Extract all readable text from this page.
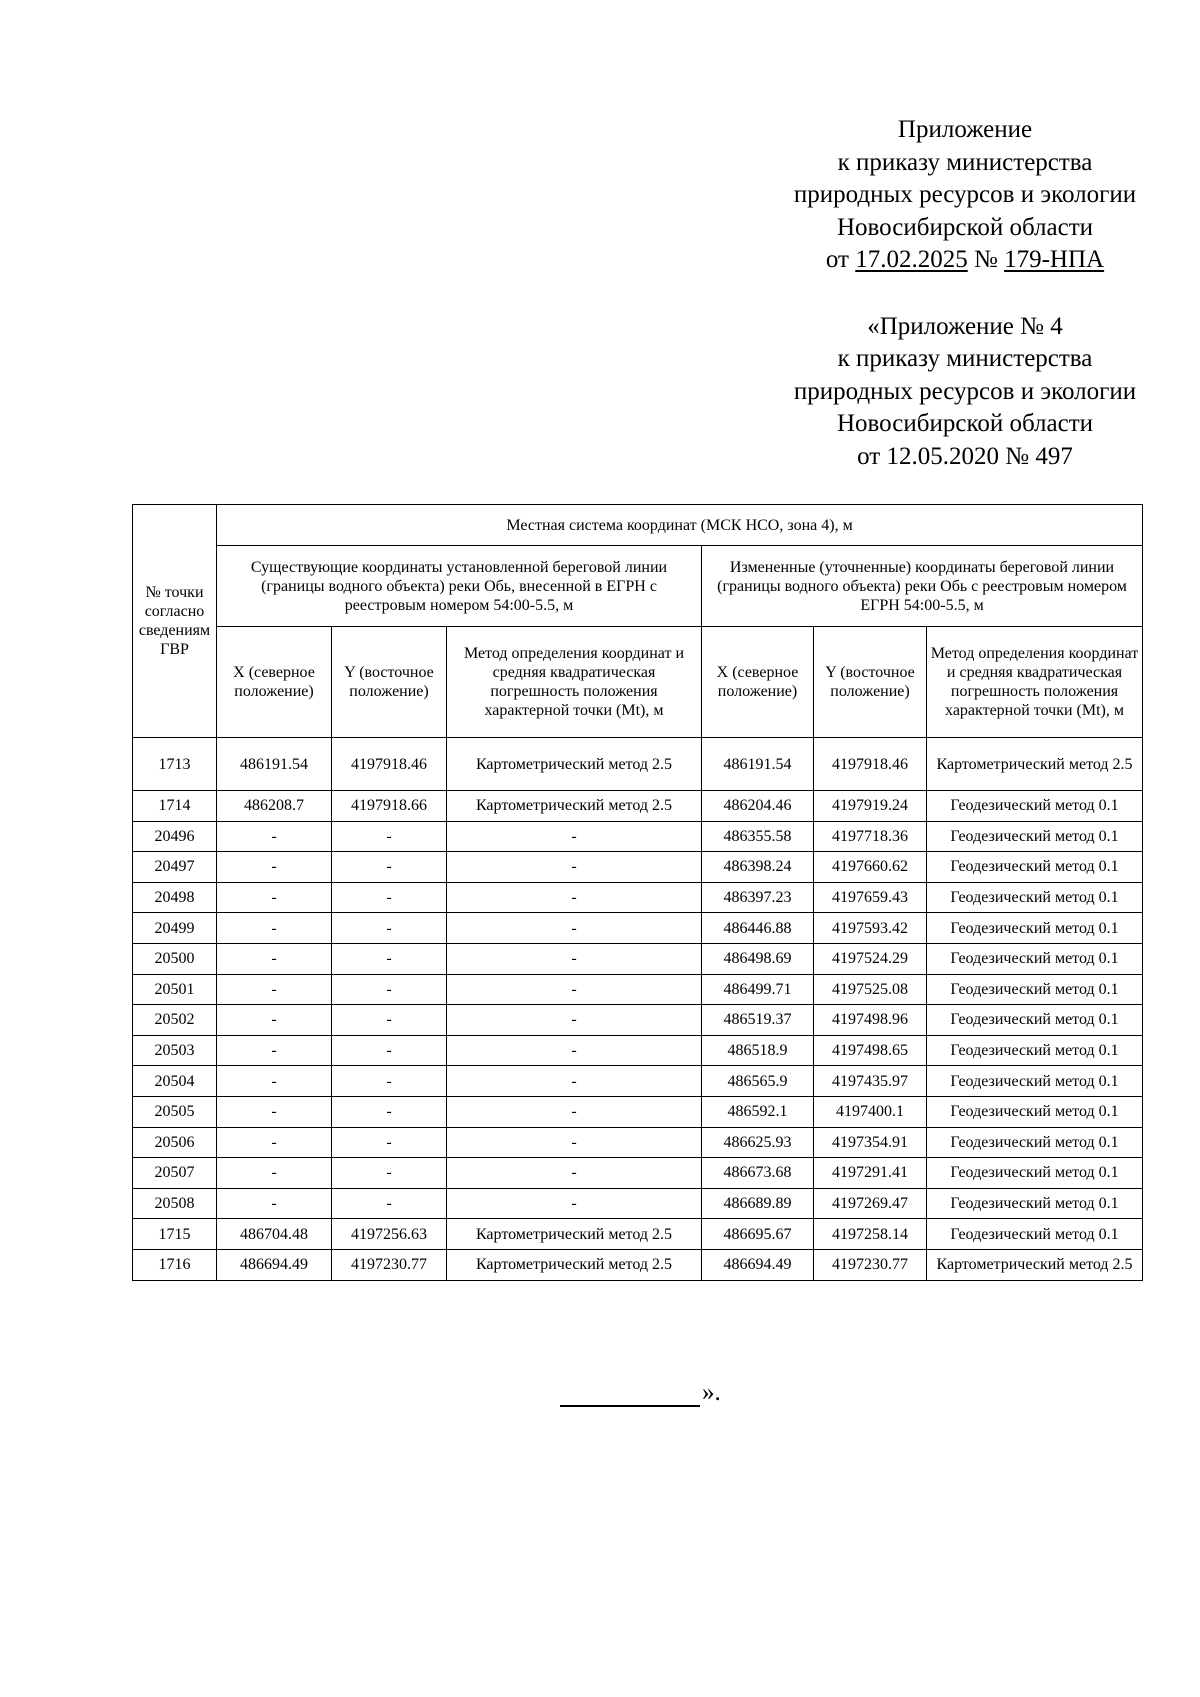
Приложение
к приказу министерства
природных ресурсов и экологии
Новосибирской области
от 17.02.2025 № 179-НПА
«Приложение № 4
к приказу министерства
природных ресурсов и экологии
Новосибирской области
от 12.05.2020 № 497
№ точки согласно сведениям ГВР	Местная система координат (МСК НСО, зона 4), м					
	Существующие координаты установленной береговой линии (границы водного объекта) реки Обь, внесенной в ЕГРН с реестровым номером 54:00-5.5, м			Измененные (уточненные) координаты береговой линии (границы водного объекта) реки Обь с реестровым номером ЕГРН 54:00-5.5, м		
	X (северное положение)	Y (восточное положение)	Метод определения координат и средняя квадратическая погрешность положения характерной точки (Mt), м	X (северное положение)	Y (восточное положение)	Метод определения координат и средняя квадратическая погрешность положения характерной точки (Mt), м
1713	486191.54	4197918.46	Картометрический метод 2.5	486191.54	4197918.46	Картометрический метод 2.5
1714	486208.7	4197918.66	Картометрический метод 2.5	486204.46	4197919.24	Геодезический метод 0.1
20496	-	-	-	486355.58	4197718.36	Геодезический метод 0.1
20497	-	-	-	486398.24	4197660.62	Геодезический метод 0.1
20498	-	-	-	486397.23	4197659.43	Геодезический метод 0.1
20499	-	-	-	486446.88	4197593.42	Геодезический метод 0.1
20500	-	-	-	486498.69	4197524.29	Геодезический метод 0.1
20501	-	-	-	486499.71	4197525.08	Геодезический метод 0.1
20502	-	-	-	486519.37	4197498.96	Геодезический метод 0.1
20503	-	-	-	486518.9	4197498.65	Геодезический метод 0.1
20504	-	-	-	486565.9	4197435.97	Геодезический метод 0.1
20505	-	-	-	486592.1	4197400.1	Геодезический метод 0.1
20506	-	-	-	486625.93	4197354.91	Геодезический метод 0.1
20507	-	-	-	486673.68	4197291.41	Геодезический метод 0.1
20508	-	-	-	486689.89	4197269.47	Геодезический метод 0.1
1715	486704.48	4197256.63	Картометрический метод 2.5	486695.67	4197258.14	Геодезический метод 0.1
1716	486694.49	4197230.77	Картометрический метод 2.5	486694.49	4197230.77	Картометрический метод 2.5
».
